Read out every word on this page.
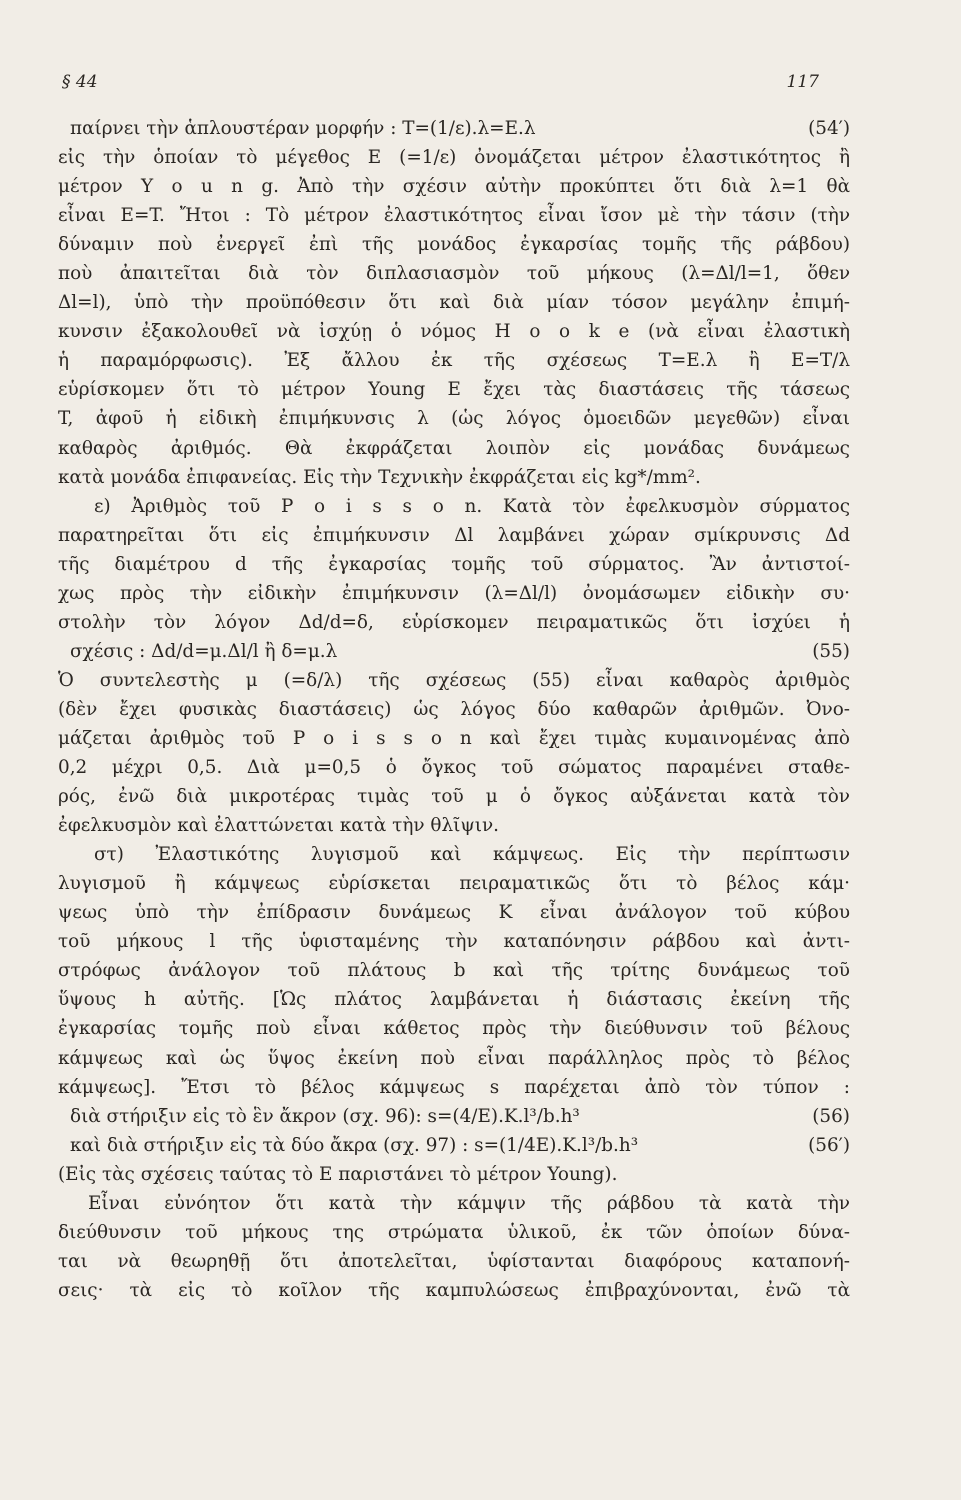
§ 44	117
παίρνει τὴν ἁπλουστέραν μορφήν : T=(1/ε).λ=E.λ	(54′)
εἰς τὴν ὁποίαν τὸ μέγεθος E (=1/ε) ὀνομάζεται μέτρον ἐλαστικότητος ἢ
μέτρον Y o u n g. Ἀπὸ τὴν σχέσιν αὐτὴν προκύπτει ὅτι διὰ λ=1 θὰ
εἶναι E=T. Ἤτοι : Τὸ μέτρον ἐλαστικότητος εἶναι ἴσον μὲ τὴν τάσιν (τὴν
δύναμιν ποὺ ἐνεργεῖ ἐπὶ τῆς μονάδος ἐγκαρσίας τομῆς τῆς ράβδου)
ποὺ ἀπαιτεῖται διὰ τὸν διπλασιασμὸν τοῦ μήκους (λ=Δl/l=1, ὅθεν
Δl=l), ὑπὸ τὴν προϋπόθεσιν ὅτι καὶ διὰ μίαν τόσον μεγάλην ἐπιμή-
κυνσιν ἐξακολουθεῖ νὰ ἰσχύῃ ὁ νόμος H o o k e (νὰ εἶναι ἐλαστικὴ
ἡ παραμόρφωσις). Ἐξ ἄλλου ἐκ τῆς σχέσεως T=E.λ ἢ E=T/λ
εὑρίσκομεν ὅτι τὸ μέτρον Young E ἔχει τὰς διαστάσεις τῆς τάσεως
T, ἀφοῦ ἡ εἰδικὴ ἐπιμήκυνσις λ (ὡς λόγος ὁμοειδῶν μεγεθῶν) εἶναι
καθαρὸς ἀριθμός. Θὰ ἐκφράζεται λοιπὸν εἰς μονάδας δυνάμεως
κατὰ μονάδα ἐπιφανείας. Εἰς τὴν Τεχνικὴν ἐκφράζεται εἰς kg*/mm².
ε) Ἀριθμὸς τοῦ P o i s s o n. Κατὰ τὸν ἐφελκυσμὸν σύρματος
παρατηρεῖται ὅτι εἰς ἐπιμήκυνσιν Δl λαμβάνει χώραν σμίκρυνσις Δd
τῆς διαμέτρου d τῆς ἐγκαρσίας τομῆς τοῦ σύρματος. Ἂν ἀντιστοί-
χως πρὸς τὴν εἰδικὴν ἐπιμήκυνσιν (λ=Δl/l) ὀνομάσωμεν εἰδικὴν συ·
στολὴν τὸν λόγον Δd/d=δ, εὑρίσκομεν πειραματικῶς ὅτι ἰσχύει ἡ
σχέσις : Δd/d=μ.Δl/l ἢ δ=μ.λ	(55)
Ὁ συντελεστὴς μ (=δ/λ) τῆς σχέσεως (55) εἶναι καθαρὸς ἀριθμὸς
(δὲν ἔχει φυσικὰς διαστάσεις) ὡς λόγος δύο καθαρῶν ἀριθμῶν. Ὀνο-
μάζεται ἀριθμὸς τοῦ P o i s s o n καὶ ἔχει τιμὰς κυμαινομένας ἀπὸ
0,2 μέχρι 0,5. Διὰ μ=0,5 ὁ ὄγκος τοῦ σώματος παραμένει σταθε-
ρός, ἐνῶ διὰ μικροτέρας τιμὰς τοῦ μ ὁ ὄγκος αὐξάνεται κατὰ τὸν
ἐφελκυσμὸν καὶ ἐλαττώνεται κατὰ τὴν θλῖψιν.
στ) Ἐλαστικότης λυγισμοῦ καὶ κάμψεως. Εἰς τὴν περίπτωσιν
λυγισμοῦ ἢ κάμψεως εὑρίσκεται πειραματικῶς ὅτι τὸ βέλος κάμ·
ψεως ὑπὸ τὴν ἐπίδρασιν δυνάμεως K εἶναι ἀνάλογον τοῦ κύβου
τοῦ μήκους l τῆς ὑφισταμένης τὴν καταπόνησιν ράβδου καὶ ἀντι-
στρόφως ἀνάλογον τοῦ πλάτους b καὶ τῆς τρίτης δυνάμεως τοῦ
ὕψους h αὐτῆς. [Ὡς πλάτος λαμβάνεται ἡ διάστασις ἐκείνη τῆς
ἐγκαρσίας τομῆς ποὺ εἶναι κάθετος πρὸς τὴν διεύθυνσιν τοῦ βέλους
κάμψεως καὶ ὡς ὕψος ἐκείνη ποὺ εἶναι παράλληλος πρὸς τὸ βέλος
κάμψεως]. Ἔτσι τὸ βέλος κάμψεως s παρέχεται ἀπὸ τὸν τύπον :
διὰ στήριξιν εἰς τὸ ἓν ἄκρον (σχ. 96): s=(4/E).K.l³/b.h³	(56)
καὶ διὰ στήριξιν εἰς τὰ δύο ἄκρα (σχ. 97) : s=(1/4E).K.l³/b.h³	(56′)
(Εἰς τὰς σχέσεις ταύτας τὸ E παριστάνει τὸ μέτρον Young).
Εἶναι εὐνόητον ὅτι κατὰ τὴν κάμψιν τῆς ράβδου τὰ κατὰ τὴν
διεύθυνσιν τοῦ μήκους της στρώματα ὑλικοῦ, ἐκ τῶν ὁποίων δύνα-
ται νὰ θεωρηθῇ ὅτι ἀποτελεῖται, ὑφίστανται διαφόρους καταπονή-
σεις· τὰ εἰς τὸ κοῖλον τῆς καμπυλώσεως ἐπιβραχύνονται, ἐνῶ τὰ
